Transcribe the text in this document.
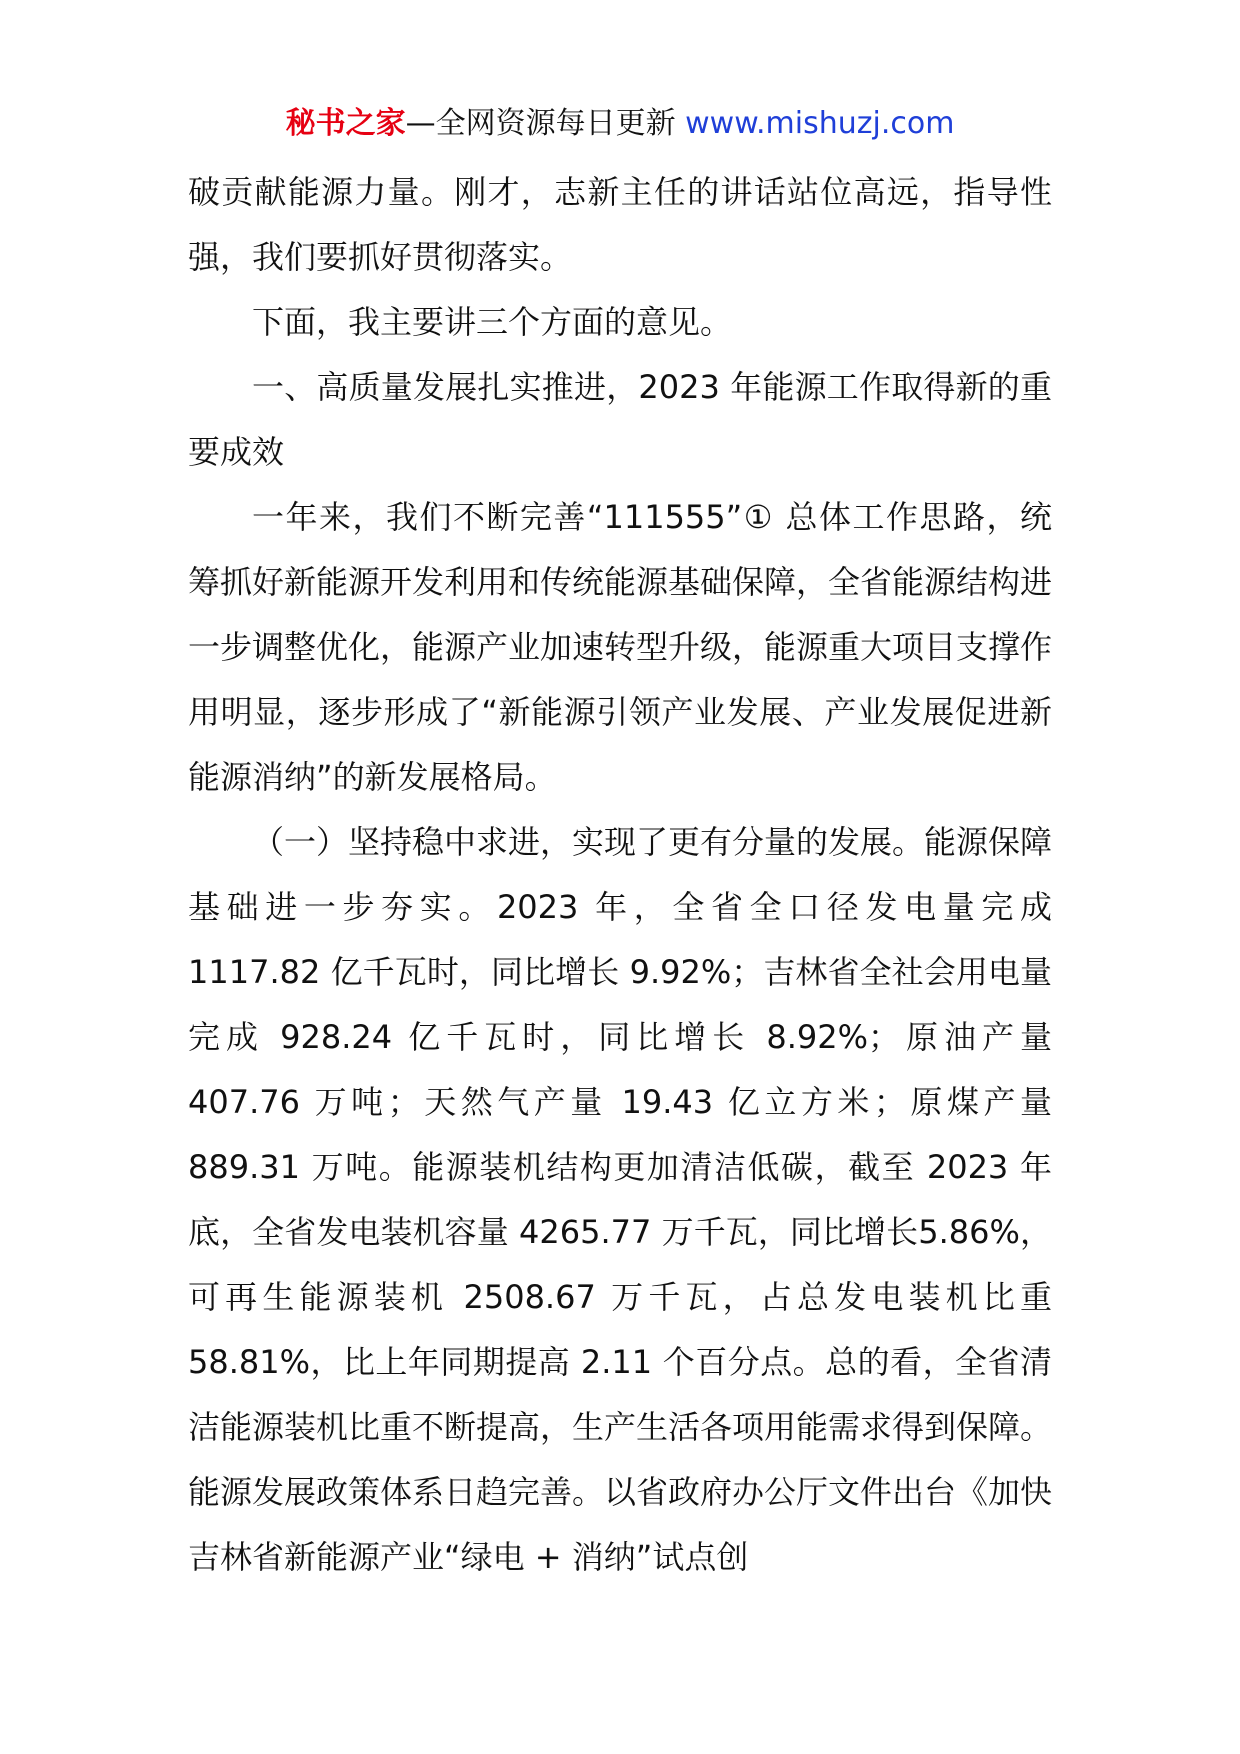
秘书之家—全网资源每日更新 www.mishuzj.com

破贡献能源力量。刚才，志新主任的讲话站位高远，指导性强，我们要抓好贯彻落实。

下面，我主要讲三个方面的意见。

一、高质量发展扎实推进，2023 年能源工作取得新的重要成效

一年来，我们不断完善“111555”① 总体工作思路，统筹抓好新能源开发利用和传统能源基础保障，全省能源结构进一步调整优化，能源产业加速转型升级，能源重大项目支撑作用明显，逐步形成了“新能源引领产业发展、产业发展促进新能源消纳”的新发展格局。

（一）坚持稳中求进，实现了更有分量的发展。能源保障基础进一步夯实。2023 年，全省全口径发电量完成 1117.82 亿千瓦时，同比增长 9.92%；吉林省全社会用电量完成 928.24 亿千瓦时，同比增长 8.92%；原油产量407.76 万吨；天然气产量 19.43 亿立方米；原煤产量889.31 万吨。能源装机结构更加清洁低碳，截至 2023 年底，全省发电装机容量 4265.77 万千瓦，同比增长5.86%，可再生能源装机 2508.67 万千瓦，占总发电装机比重 58.81%，比上年同期提高 2.11 个百分点。总的看，全省清洁能源装机比重不断提高，生产生活各项用能需求得到保障。能源发展政策体系日趋完善。以省政府办公厅文件出台《加快吉林省新能源产业“绿电 + 消纳”试点创
